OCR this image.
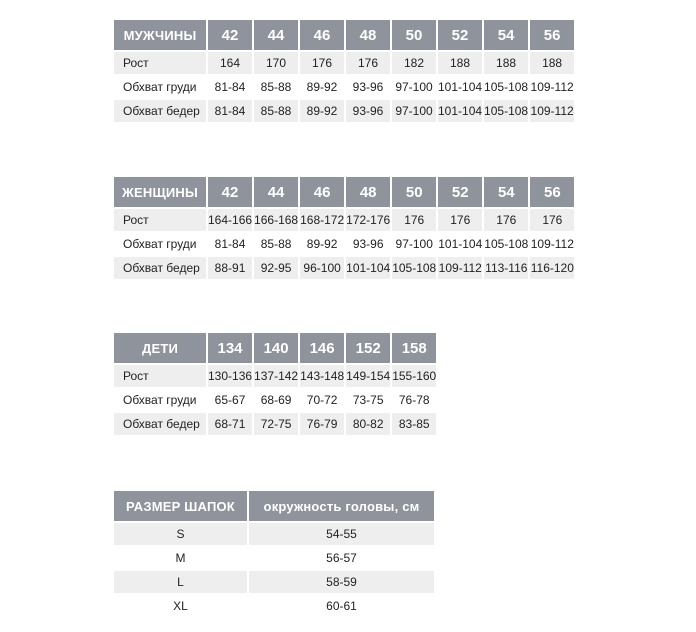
МУЖЧИНЫ	42	44	46	48	50	52	54	56
Рост	164	170	176	176	182	188	188	188
Обхват груди	81-84	85-88	89-92	93-96	97-100	101-104	105-108	109-112
Обхват бедер	81-84	85-88	89-92	93-96	97-100	101-104	105-108	109-112
ЖЕНЩИНЫ	42	44	46	48	50	52	54	56
Рост	164-166	166-168	168-172	172-176	176	176	176	176
Обхват груди	81-84	85-88	89-92	93-96	97-100	101-104	105-108	109-112
Обхват бедер	88-91	92-95	96-100	101-104	105-108	109-112	113-116	116-120
ДЕТИ	134	140	146	152	158
Рост	130-136	137-142	143-148	149-154	155-160
Обхват груди	65-67	68-69	70-72	73-75	76-78
Обхват бедер	68-71	72-75	76-79	80-82	83-85
РАЗМЕР ШАПОК	окружность головы, см
S	54-55
M	56-57
L	58-59
XL	60-61
